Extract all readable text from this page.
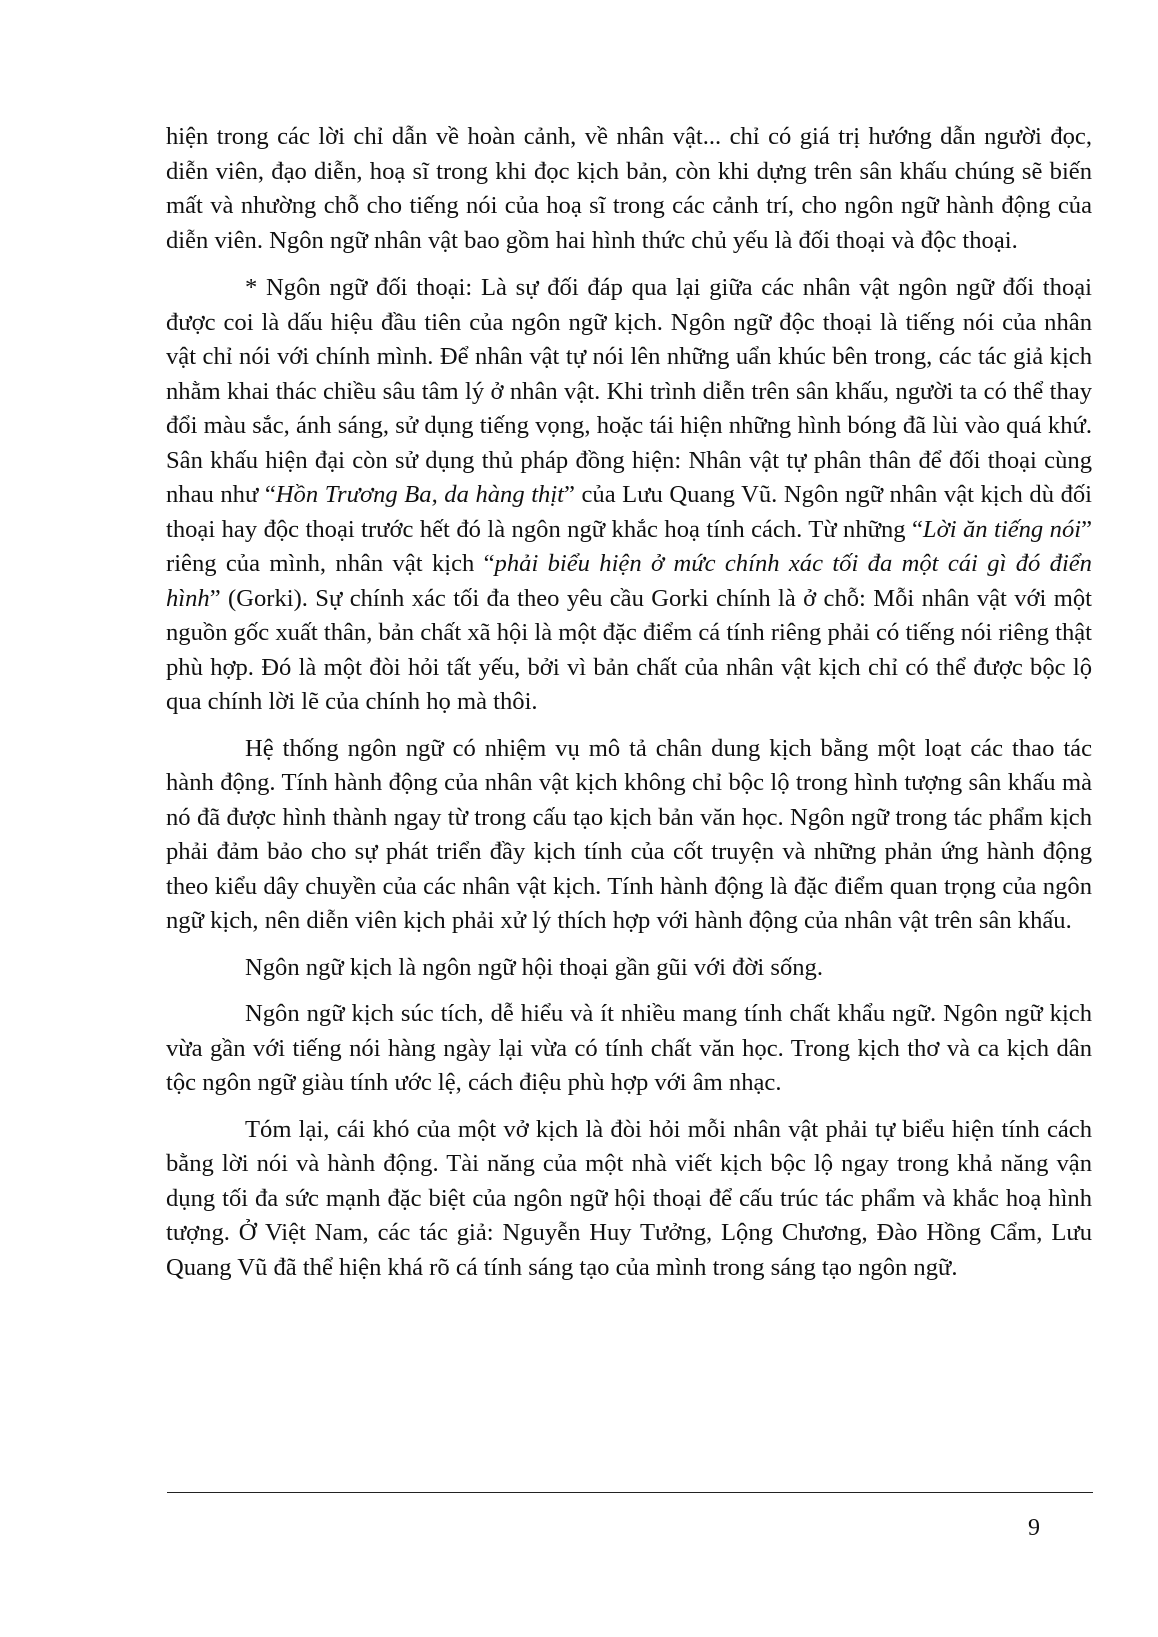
hiện trong các lời chỉ dẫn về hoàn cảnh, về nhân vật... chỉ có giá trị hướng dẫn người đọc, diễn viên, đạo diễn, hoạ sĩ trong khi đọc kịch bản, còn khi dựng trên sân khấu chúng sẽ biến mất và nhường chỗ cho tiếng nói của hoạ sĩ trong các cảnh trí, cho ngôn ngữ hành động của diễn viên. Ngôn ngữ nhân vật bao gồm hai hình thức chủ yếu là đối thoại và độc thoại.

* Ngôn ngữ đối thoại: Là sự đối đáp qua lại giữa các nhân vật ngôn ngữ đối thoại được coi là dấu hiệu đầu tiên của ngôn ngữ kịch. Ngôn ngữ độc thoại là tiếng nói của nhân vật chỉ nói với chính mình. Để nhân vật tự nói lên những uẩn khúc bên trong, các tác giả kịch nhằm khai thác chiều sâu tâm lý ở nhân vật. Khi trình diễn trên sân khấu, người ta có thể thay đổi màu sắc, ánh sáng, sử dụng tiếng vọng, hoặc tái hiện những hình bóng đã lùi vào quá khứ. Sân khấu hiện đại còn sử dụng thủ pháp đồng hiện: Nhân vật tự phân thân để đối thoại cùng nhau như “Hồn Trương Ba, da hàng thịt” của Lưu Quang Vũ. Ngôn ngữ nhân vật kịch dù đối thoại hay độc thoại trước hết đó là ngôn ngữ khắc hoạ tính cách. Từ những “Lời ăn tiếng nói” riêng của mình, nhân vật kịch “phải biểu hiện ở mức chính xác tối đa một cái gì đó điển hình” (Gorki). Sự chính xác tối đa theo yêu cầu Gorki chính là ở chỗ: Mỗi nhân vật với một nguồn gốc xuất thân, bản chất xã hội là một đặc điểm cá tính riêng phải có tiếng nói riêng thật phù hợp. Đó là một đòi hỏi tất yếu, bởi vì bản chất của nhân vật kịch chỉ có thể được bộc lộ qua chính lời lẽ của chính họ mà thôi.

Hệ thống ngôn ngữ có nhiệm vụ mô tả chân dung kịch bằng một loạt các thao tác hành động. Tính hành động của nhân vật kịch không chỉ bộc lộ trong hình tượng sân khấu mà nó đã được hình thành ngay từ trong cấu tạo kịch bản văn học. Ngôn ngữ trong tác phẩm kịch phải đảm bảo cho sự phát triển đầy kịch tính của cốt truyện và những phản ứng hành động theo kiểu dây chuyền của các nhân vật kịch. Tính hành động là đặc điểm quan trọng của ngôn ngữ kịch, nên diễn viên kịch phải xử lý thích hợp với hành động của nhân vật trên sân khấu.

Ngôn ngữ kịch là ngôn ngữ hội thoại gần gũi với đời sống.

Ngôn ngữ kịch súc tích, dễ hiểu và ít nhiều mang tính chất khẩu ngữ. Ngôn ngữ kịch vừa gần với tiếng nói hàng ngày lại vừa có tính chất văn học. Trong kịch thơ và ca kịch dân tộc ngôn ngữ giàu tính ước lệ, cách điệu phù hợp với âm nhạc.

Tóm lại, cái khó của một vở kịch là đòi hỏi mỗi nhân vật phải tự biểu hiện tính cách bằng lời nói và hành động. Tài năng của một nhà viết kịch bộc lộ ngay trong khả năng vận dụng tối đa sức mạnh đặc biệt của ngôn ngữ hội thoại để cấu trúc tác phẩm và khắc hoạ hình tượng. Ở Việt Nam, các tác giả: Nguyễn Huy Tưởng, Lộng Chương, Đào Hồng Cẩm, Lưu Quang Vũ đã thể hiện khá rõ cá tính sáng tạo của mình trong sáng tạo ngôn ngữ.

9
